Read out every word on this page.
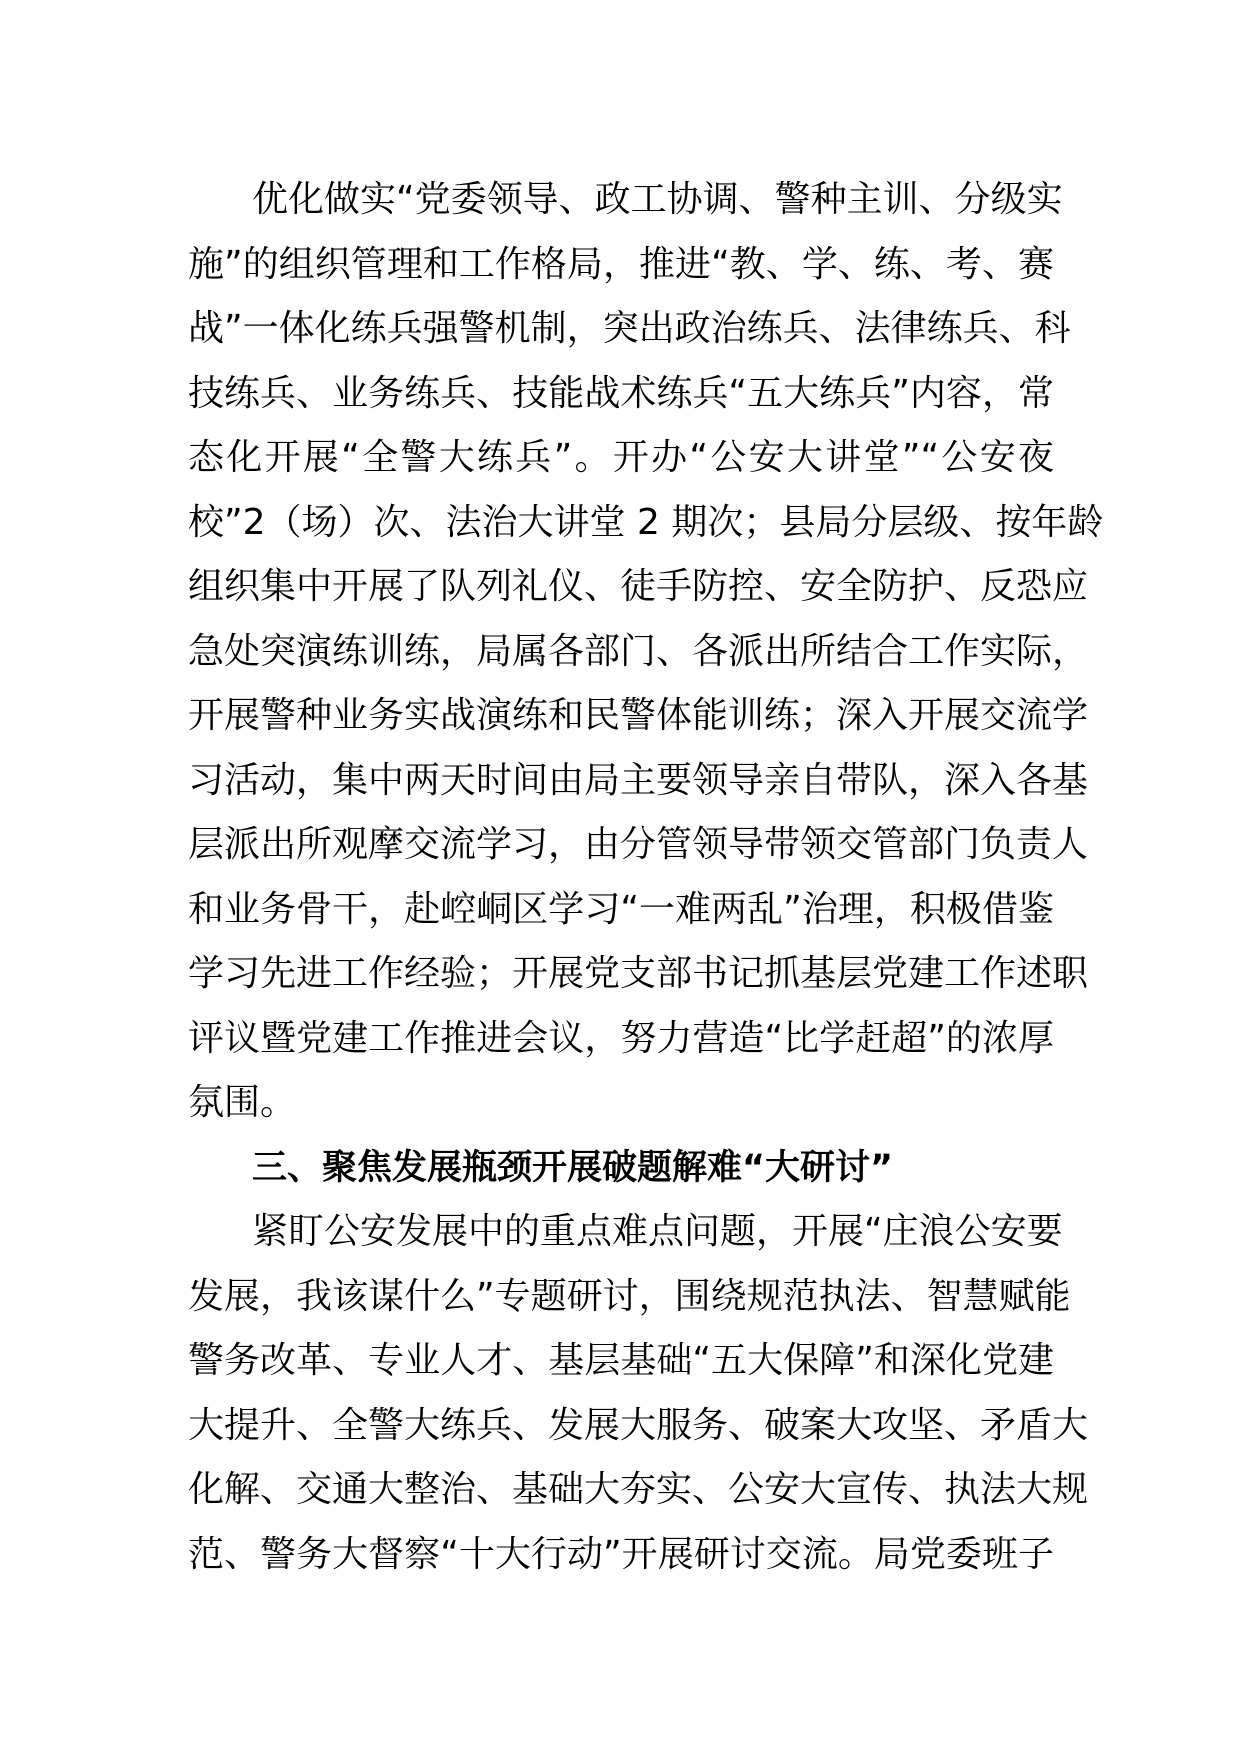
优化做实“党委领导、政工协调、警种主训、分级实
施”的组织管理和工作格局，推进“教、学、练、考、赛
战”一体化练兵强警机制，突出政治练兵、法律练兵、科
技练兵、业务练兵、技能战术练兵“五大练兵”内容，常
态化开展“全警大练兵”。开办“公安大讲堂”“公安夜
校”2（场）次、法治大讲堂 2 期次；县局分层级、按年龄
组织集中开展了队列礼仪、徒手防控、安全防护、反恐应
急处突演练训练，局属各部门、各派出所结合工作实际，
开展警种业务实战演练和民警体能训练；深入开展交流学
习活动，集中两天时间由局主要领导亲自带队，深入各基
层派出所观摩交流学习，由分管领导带领交管部门负责人
和业务骨干，赴崆峒区学习“一难两乱”治理，积极借鉴
学习先进工作经验；开展党支部书记抓基层党建工作述职
评议暨党建工作推进会议，努力营造“比学赶超”的浓厚
氛围。
三、聚焦发展瓶颈开展破题解难“大研讨”
紧盯公安发展中的重点难点问题，开展“庄浪公安要
发展，我该谋什么”专题研讨，围绕规范执法、智慧赋能
警务改革、专业人才、基层基础“五大保障”和深化党建
大提升、全警大练兵、发展大服务、破案大攻坚、矛盾大
化解、交通大整治、基础大夯实、公安大宣传、执法大规
范、警务大督察“十大行动”开展研讨交流。局党委班子
